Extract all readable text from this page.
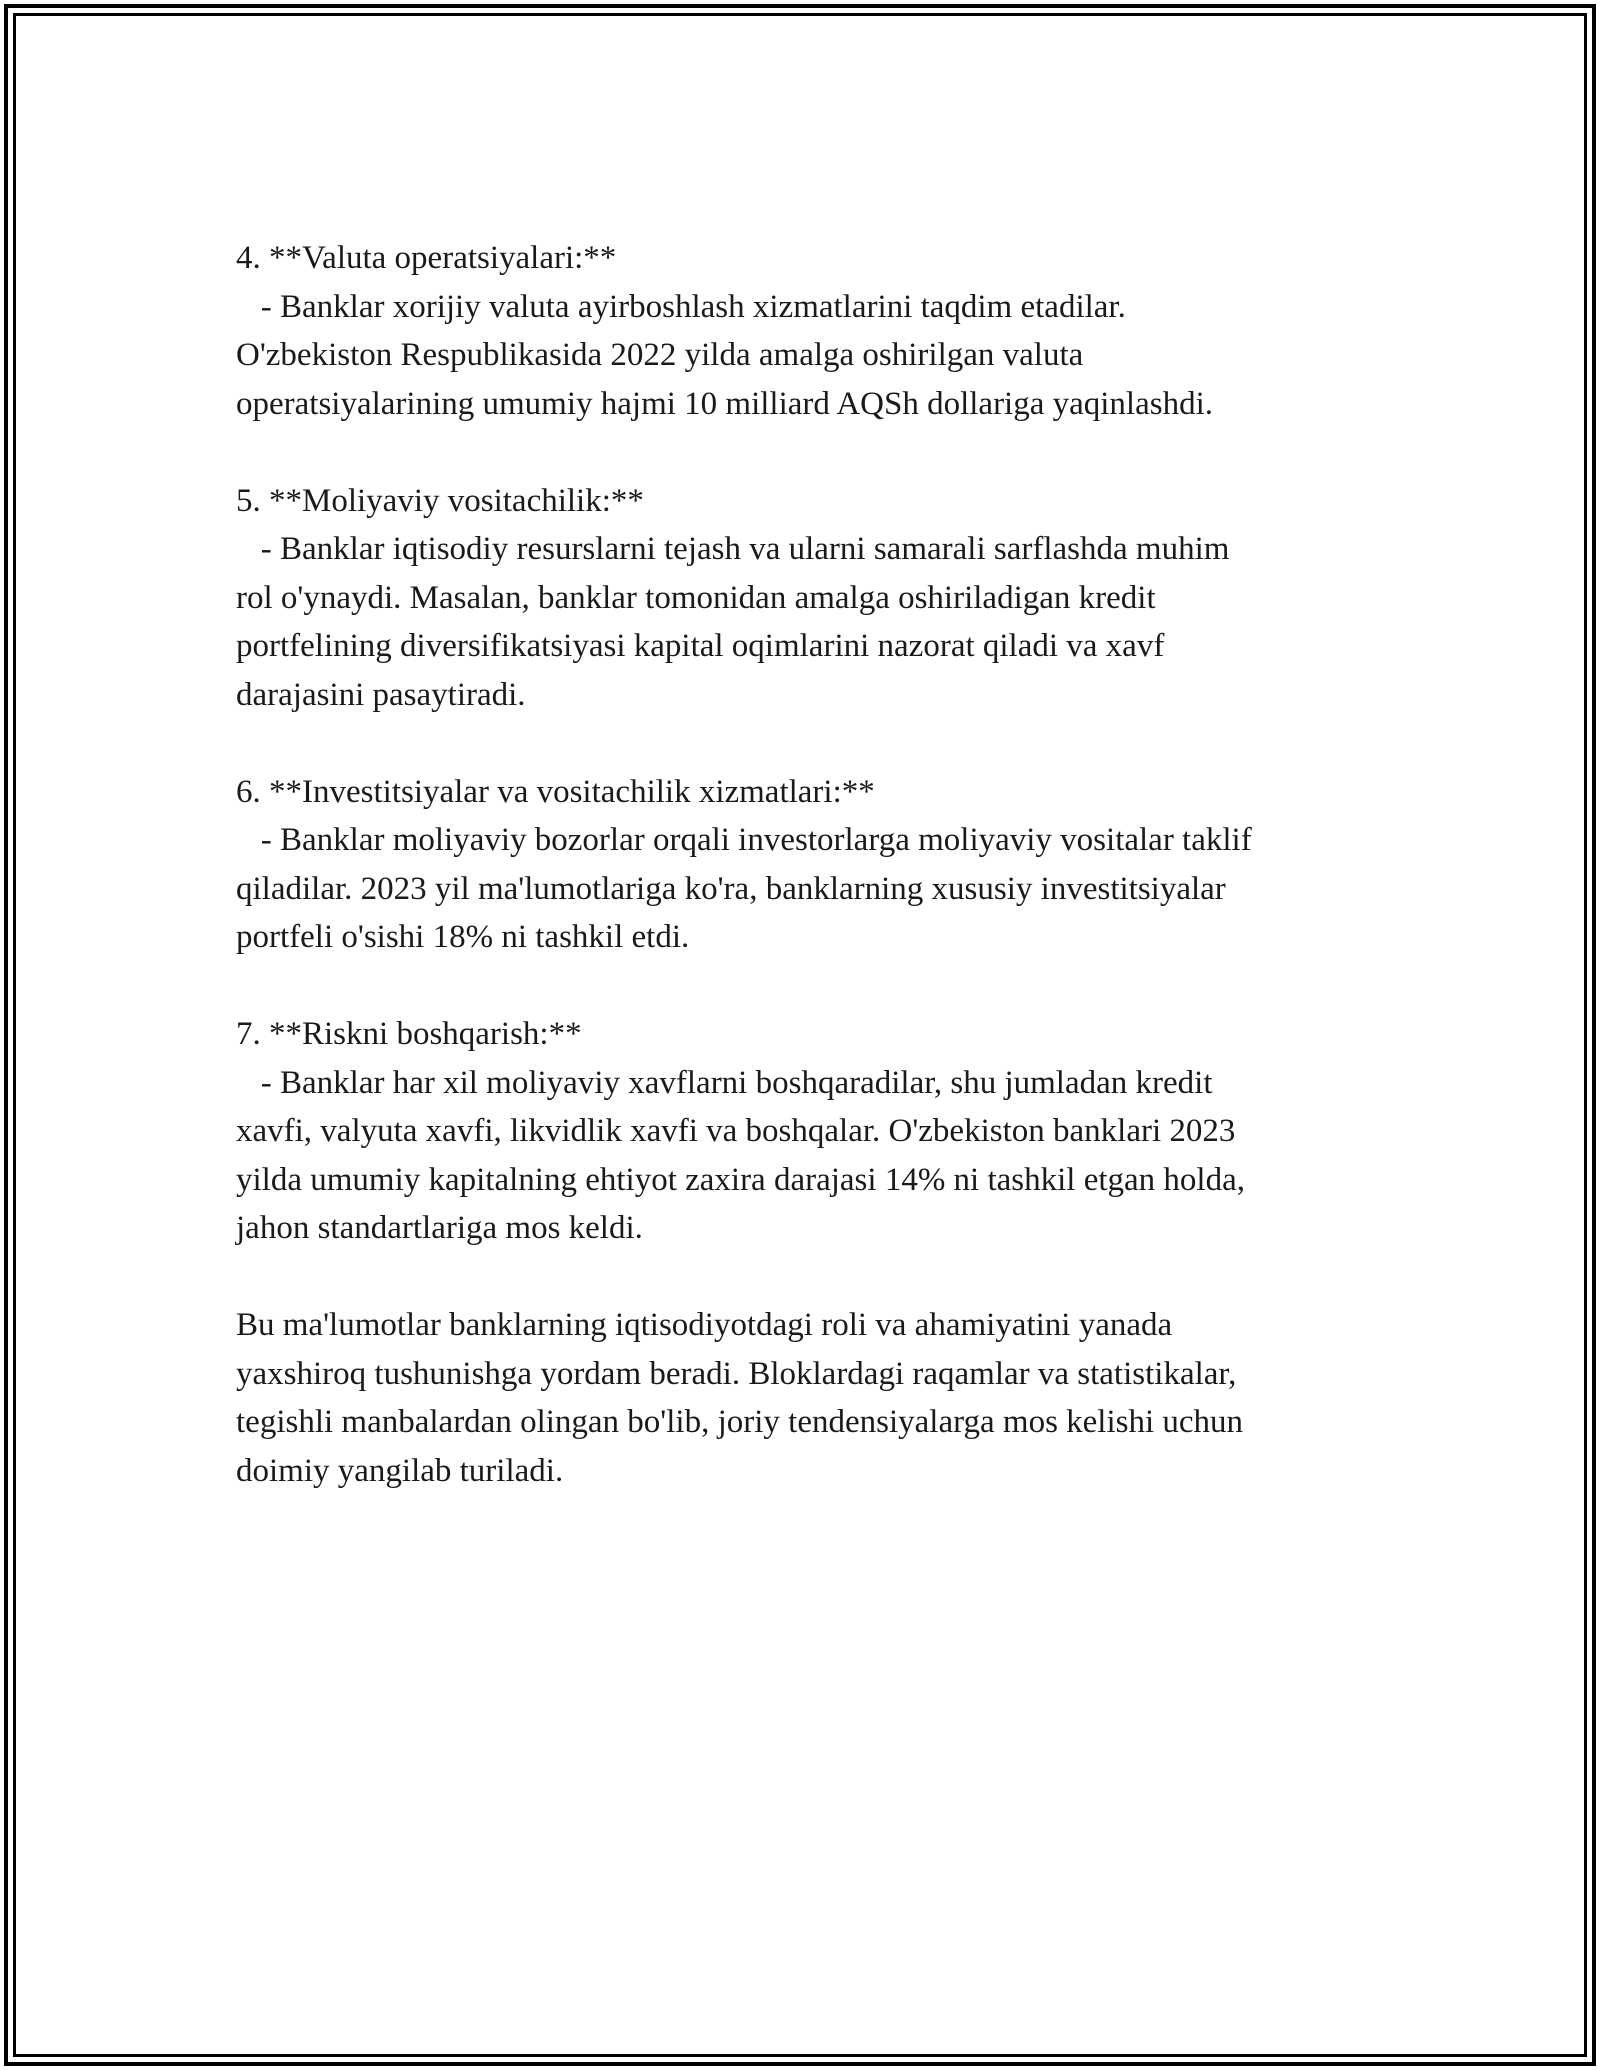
4. **Valuta operatsiyalari:**
- Banklar xorijiy valuta ayirboshlash xizmatlarini taqdim etadilar.
O'zbekiston Respublikasida 2022 yilda amalga oshirilgan valuta
operatsiyalarining umumiy hajmi 10 milliard AQSh dollariga yaqinlashdi.
5. **Moliyaviy vositachilik:**
- Banklar iqtisodiy resurslarni tejash va ularni samarali sarflashda muhim
rol o'ynaydi. Masalan, banklar tomonidan amalga oshiriladigan kredit
portfelining diversifikatsiyasi kapital oqimlarini nazorat qiladi va xavf
darajasini pasaytiradi.
6. **Investitsiyalar va vositachilik xizmatlari:**
- Banklar moliyaviy bozorlar orqali investorlarga moliyaviy vositalar taklif
qiladilar. 2023 yil ma'lumotlariga ko'ra, banklarning xususiy investitsiyalar
portfeli o'sishi 18% ni tashkil etdi.
7. **Riskni boshqarish:**
- Banklar har xil moliyaviy xavflarni boshqaradilar, shu jumladan kredit
xavfi, valyuta xavfi, likvidlik xavfi va boshqalar. O'zbekiston banklari 2023
yilda umumiy kapitalning ehtiyot zaxira darajasi 14% ni tashkil etgan holda,
jahon standartlariga mos keldi.
Bu ma'lumotlar banklarning iqtisodiyotdagi roli va ahamiyatini yanada
yaxshiroq tushunishga yordam beradi. Bloklardagi raqamlar va statistikalar,
tegishli manbalardan olingan bo'lib, joriy tendensiyalarga mos kelishi uchun
doimiy yangilab turiladi.
